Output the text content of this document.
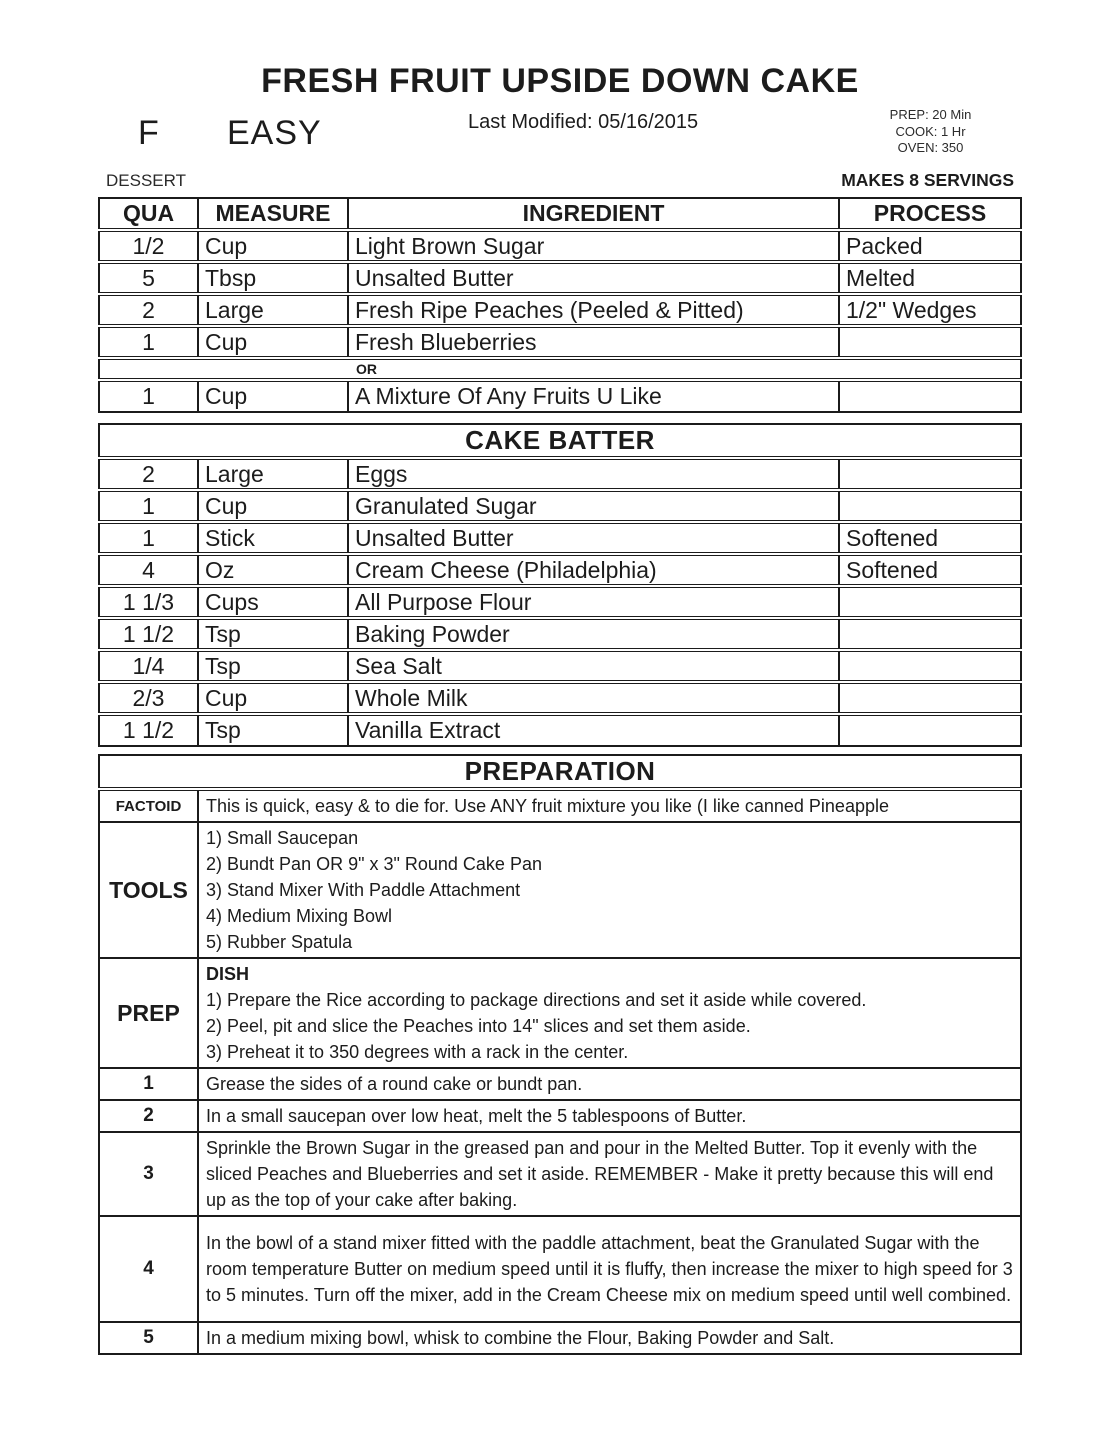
FRESH FRUIT UPSIDE DOWN CAKE
Last Modified: 05/16/2015
F EASY	PREP: 20 Min
COOK: 1 Hr
OVEN: 350
DESSERT	MAKES 8 SERVINGS
QUA	MEASURE	INGREDIENT	PROCESS
1/2	Cup	Light Brown Sugar	Packed
5	Tbsp	Unsalted Butter	Melted
2	Large	Fresh Ripe Peaches (Peeled & Pitted)	1/2" Wedges
1	Cup	Fresh Blueberries	
OR			
1	Cup	A Mixture Of Any Fruits U Like	
CAKE BATTER			
2	Large	Eggs	
1	Cup	Granulated Sugar	
1	Stick	Unsalted Butter	Softened
4	Oz	Cream Cheese (Philadelphia)	Softened
1 1/3	Cups	All Purpose Flour	
1 1/2	Tsp	Baking Powder	
1/4	Tsp	Sea Salt	
2/3	Cup	Whole Milk	
1 1/2	Tsp	Vanilla Extract	
PREPARATION	
FACTOID	This is quick, easy & to die for. Use ANY fruit mixture you like (I like canned Pineapple
TOOLS	1) Small Saucepan
2) Bundt Pan OR 9" x 3" Round Cake Pan
3) Stand Mixer With Paddle Attachment
4) Medium Mixing Bowl
5) Rubber Spatula

PREP	DISH
1) Prepare the Rice according to package directions and set it aside while covered.
2) Peel, pit and slice the Peaches into 14" slices and set them aside.
3) Preheat it to 350 degrees with a rack in the center.

1	Grease the sides of a round cake or bundt pan.
2	In a small saucepan over low heat, melt the 5 tablespoons of Butter.
3	Sprinkle the Brown Sugar in the greased pan and pour in the Melted Butter. Top it evenly with the sliced Peaches and Blueberries and set it aside. REMEMBER - Make it pretty because this will end up as the top of your cake after baking.
4	In the bowl of a stand mixer fitted with the paddle attachment, beat the Granulated Sugar with the room temperature Butter on medium speed until it is fluffy, then increase the mixer to high speed for 3 to 5 minutes. Turn off the mixer, add in the Cream Cheese mix on medium speed until well combined.
5	In a medium mixing bowl, whisk to combine the Flour, Baking Powder and Salt.
